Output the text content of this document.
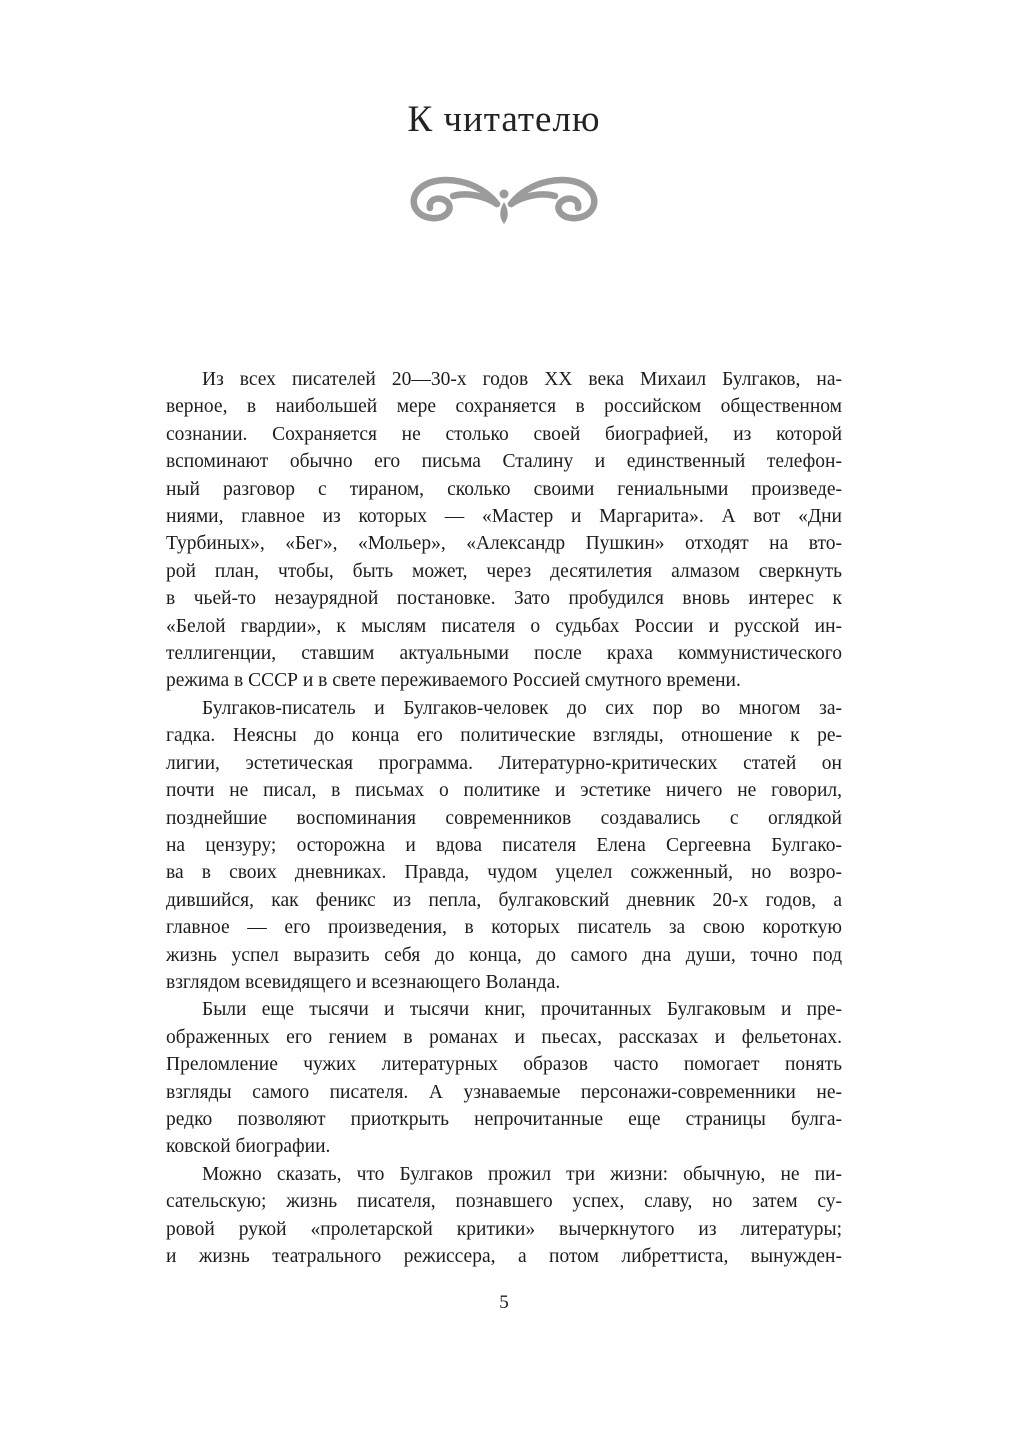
К читателю
Из всех писателей 20—30-х годов XX века Михаил Булгаков, на-
верное, в наибольшей мере сохраняется в российском общественном
сознании. Сохраняется не столько своей биографией, из которой
вспоминают обычно его письма Сталину и единственный телефон-
ный разговор с тираном, сколько своими гениальными произведе-
ниями, главное из которых — «Мастер и Маргарита». А вот «Дни
Турбиных», «Бег», «Мольер», «Александр Пушкин» отходят на вто-
рой план, чтобы, быть может, через десятилетия алмазом сверкнуть
в чьей-то незаурядной постановке. Зато пробудился вновь интерес к
«Белой гвардии», к мыслям писателя о судьбах России и русской ин-
теллигенции, ставшим актуальными после краха коммунистического
режима в СССР и в свете переживаемого Россией смутного времени.
Булгаков-писатель и Булгаков-человек до сих пор во многом за-
гадка. Неясны до конца его политические взгляды, отношение к ре-
лигии, эстетическая программа. Литературно-критических статей он
почти не писал, в письмах о политике и эстетике ничего не говорил,
позднейшие воспоминания современников создавались с оглядкой
на цензуру; осторожна и вдова писателя Елена Сергеевна Булгако-
ва в своих дневниках. Правда, чудом уцелел сожженный, но возро-
дившийся, как феникс из пепла, булгаковский дневник 20-х годов, а
главное — его произведения, в которых писатель за свою короткую
жизнь успел выразить себя до конца, до самого дна души, точно под
взглядом всевидящего и всезнающего Воланда.
Были еще тысячи и тысячи книг, прочитанных Булгаковым и пре-
ображенных его гением в романах и пьесах, рассказах и фельетонах.
Преломление чужих литературных образов часто помогает понять
взгляды самого писателя. А узнаваемые персонажи-современники не-
редко позволяют приоткрыть непрочитанные еще страницы булга-
ковской биографии.
Можно сказать, что Булгаков прожил три жизни: обычную, не пи-
сательскую; жизнь писателя, познавшего успех, славу, но затем су-
ровой рукой «пролетарской критики» вычеркнутого из литературы;
и жизнь театрального режиссера, а потом либреттиста, вынужден-
5
